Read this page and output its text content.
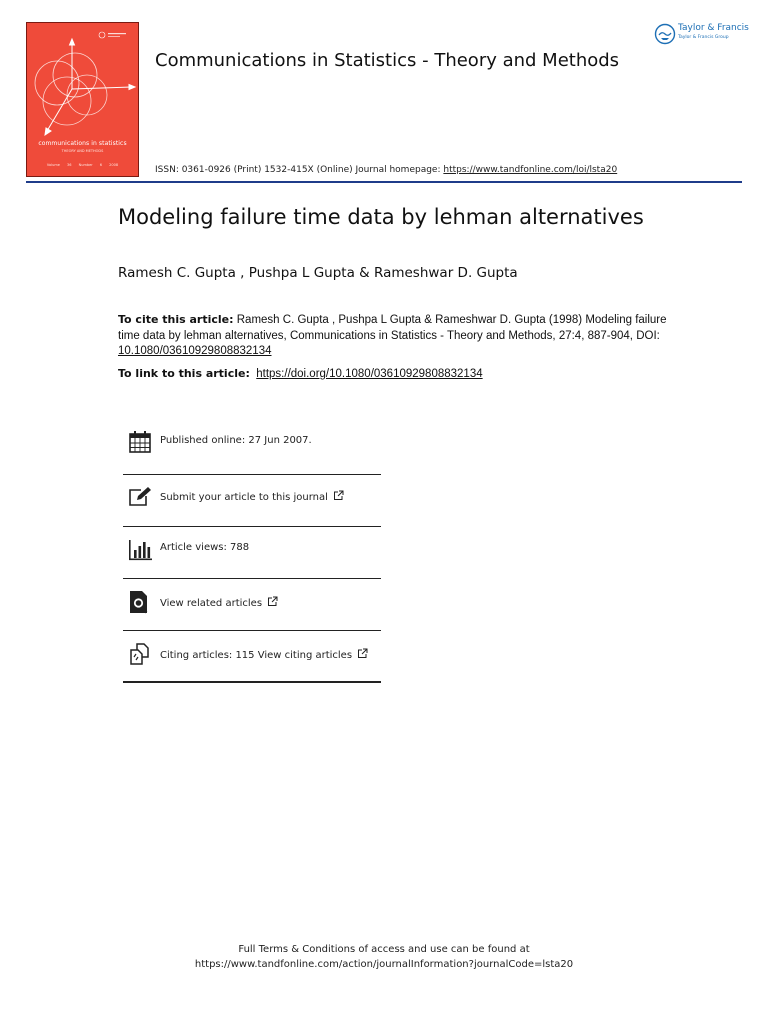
communications in statistics
THEORY AND METHODS
Volume 36 Number 6 2008
Communications in Statistics - Theory and Methods
ISSN: 0361-0926 (Print) 1532-415X (Online) Journal homepage: https://www.tandfonline.com/loi/lsta20
Taylor & Francis
Taylor & Francis Group
Modeling failure time data by lehman alternatives
Ramesh C. Gupta , Pushpa L Gupta & Rameshwar D. Gupta
To cite this article: Ramesh C. Gupta , Pushpa L Gupta & Rameshwar D. Gupta (1998) Modeling failure time data by lehman alternatives, Communications in Statistics - Theory and Methods, 27:4, 887-904, DOI: 10.1080/03610929808832134
To link to this article: https://doi.org/10.1080/03610929808832134
Published online: 27 Jun 2007.
Submit your article to this journal
Article views: 788
View related articles
Citing articles: 115 View citing articles
Full Terms & Conditions of access and use can be found at
https://www.tandfonline.com/action/journalInformation?journalCode=lsta20
